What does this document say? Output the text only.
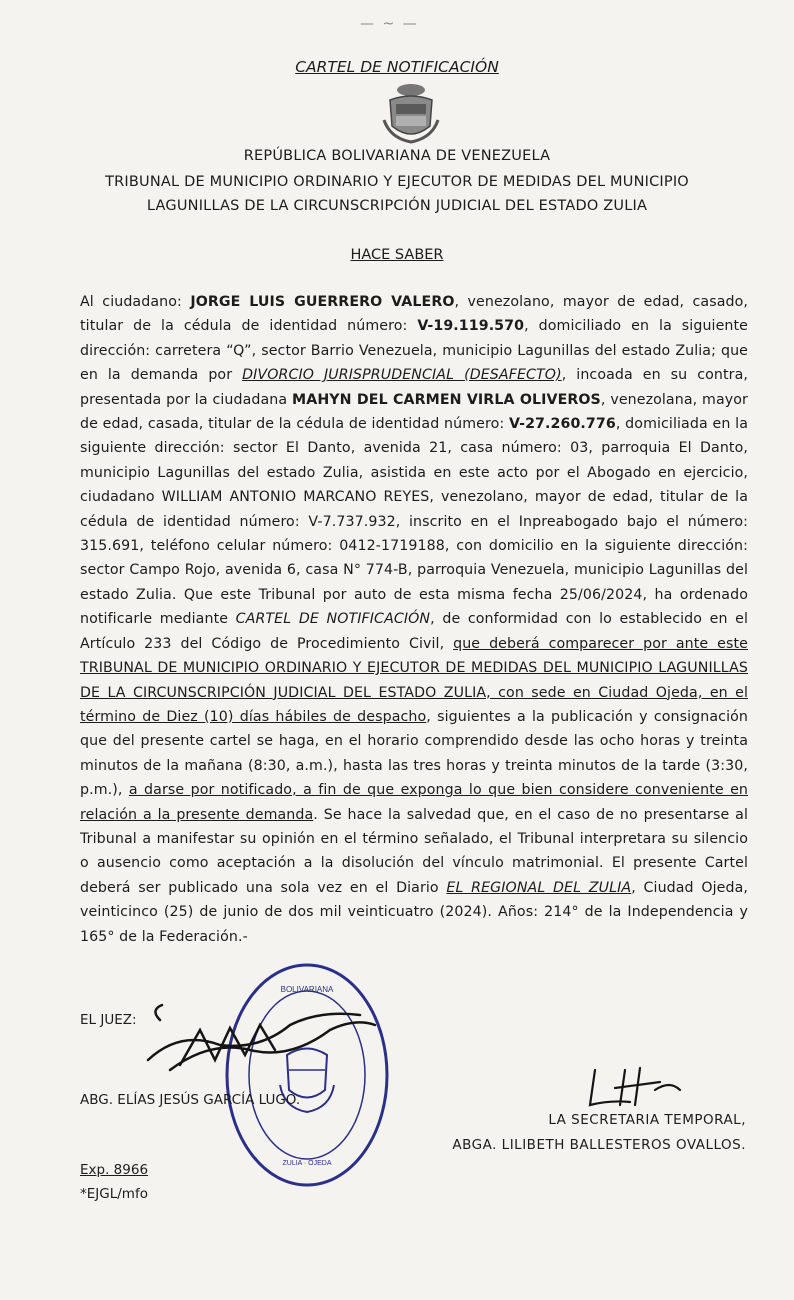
— ~ —
CARTEL DE NOTIFICACIÓN
REPÚBLICA BOLIVARIANA DE VENEZUELA
TRIBUNAL DE MUNICIPIO ORDINARIO Y EJECUTOR DE MEDIDAS DEL MUNICIPIO
LAGUNILLAS DE LA CIRCUNSCRIPCIÓN JUDICIAL DEL ESTADO ZULIA
HACE SABER
Al ciudadano: JORGE LUIS GUERRERO VALERO, venezolano, mayor de edad, casado, titular de la cédula de identidad número: V-19.119.570, domiciliado en la siguiente dirección: carretera “Q”, sector Barrio Venezuela, municipio Lagunillas del estado Zulia; que en la demanda por DIVORCIO JURISPRUDENCIAL (DESAFECTO), incoada en su contra, presentada por la ciudadana MAHYN DEL CARMEN VIRLA OLIVEROS, venezolana, mayor de edad, casada, titular de la cédula de identidad número: V-27.260.776, domiciliada en la siguiente dirección: sector El Danto, avenida 21, casa número: 03, parroquia El Danto, municipio Lagunillas del estado Zulia, asistida en este acto por el Abogado en ejercicio, ciudadano WILLIAM ANTONIO MARCANO REYES, venezolano, mayor de edad, titular de la cédula de identidad número: V-7.737.932, inscrito en el Inpreabogado bajo el número: 315.691, teléfono celular número: 0412-1719188, con domicilio en la siguiente dirección: sector Campo Rojo, avenida 6, casa N° 774-B, parroquia Venezuela, municipio Lagunillas del estado Zulia. Que este Tribunal por auto de esta misma fecha 25/06/2024, ha ordenado notificarle mediante CARTEL DE NOTIFICACIÓN, de conformidad con lo establecido en el Artículo 233 del Código de Procedimiento Civil, que deberá comparecer por ante este TRIBUNAL DE MUNICIPIO ORDINARIO Y EJECUTOR DE MEDIDAS DEL MUNICIPIO LAGUNILLAS DE LA CIRCUNSCRIPCIÓN JUDICIAL DEL ESTADO ZULIA, con sede en Ciudad Ojeda, en el término de Diez (10) días hábiles de despacho, siguientes a la publicación y consignación que del presente cartel se haga, en el horario comprendido desde las ocho horas y treinta minutos de la mañana (8:30, a.m.), hasta las tres horas y treinta minutos de la tarde (3:30, p.m.), a darse por notificado, a fin de que exponga lo que bien considere conveniente en relación a la presente demanda. Se hace la salvedad que, en el caso de no presentarse al Tribunal a manifestar su opinión en el término señalado, el Tribunal interpretara su silencio o ausencio como aceptación a la disolución del vínculo matrimonial. El presente Cartel deberá ser publicado una sola vez en el Diario EL REGIONAL DEL ZULIA, Ciudad Ojeda, veinticinco (25) de junio de dos mil veinticuatro (2024). Años: 214° de la Independencia y 165° de la Federación.-
EL JUEZ:
BOLIVARIANA
ZULIA · OJEDA
ABG. ELÍAS JESÚS GARCÍA LUGO.
LA SECRETARIA TEMPORAL,
ABGA. LILIBETH BALLESTEROS OVALLOS.
Exp. 8966
*EJGL/mfo
